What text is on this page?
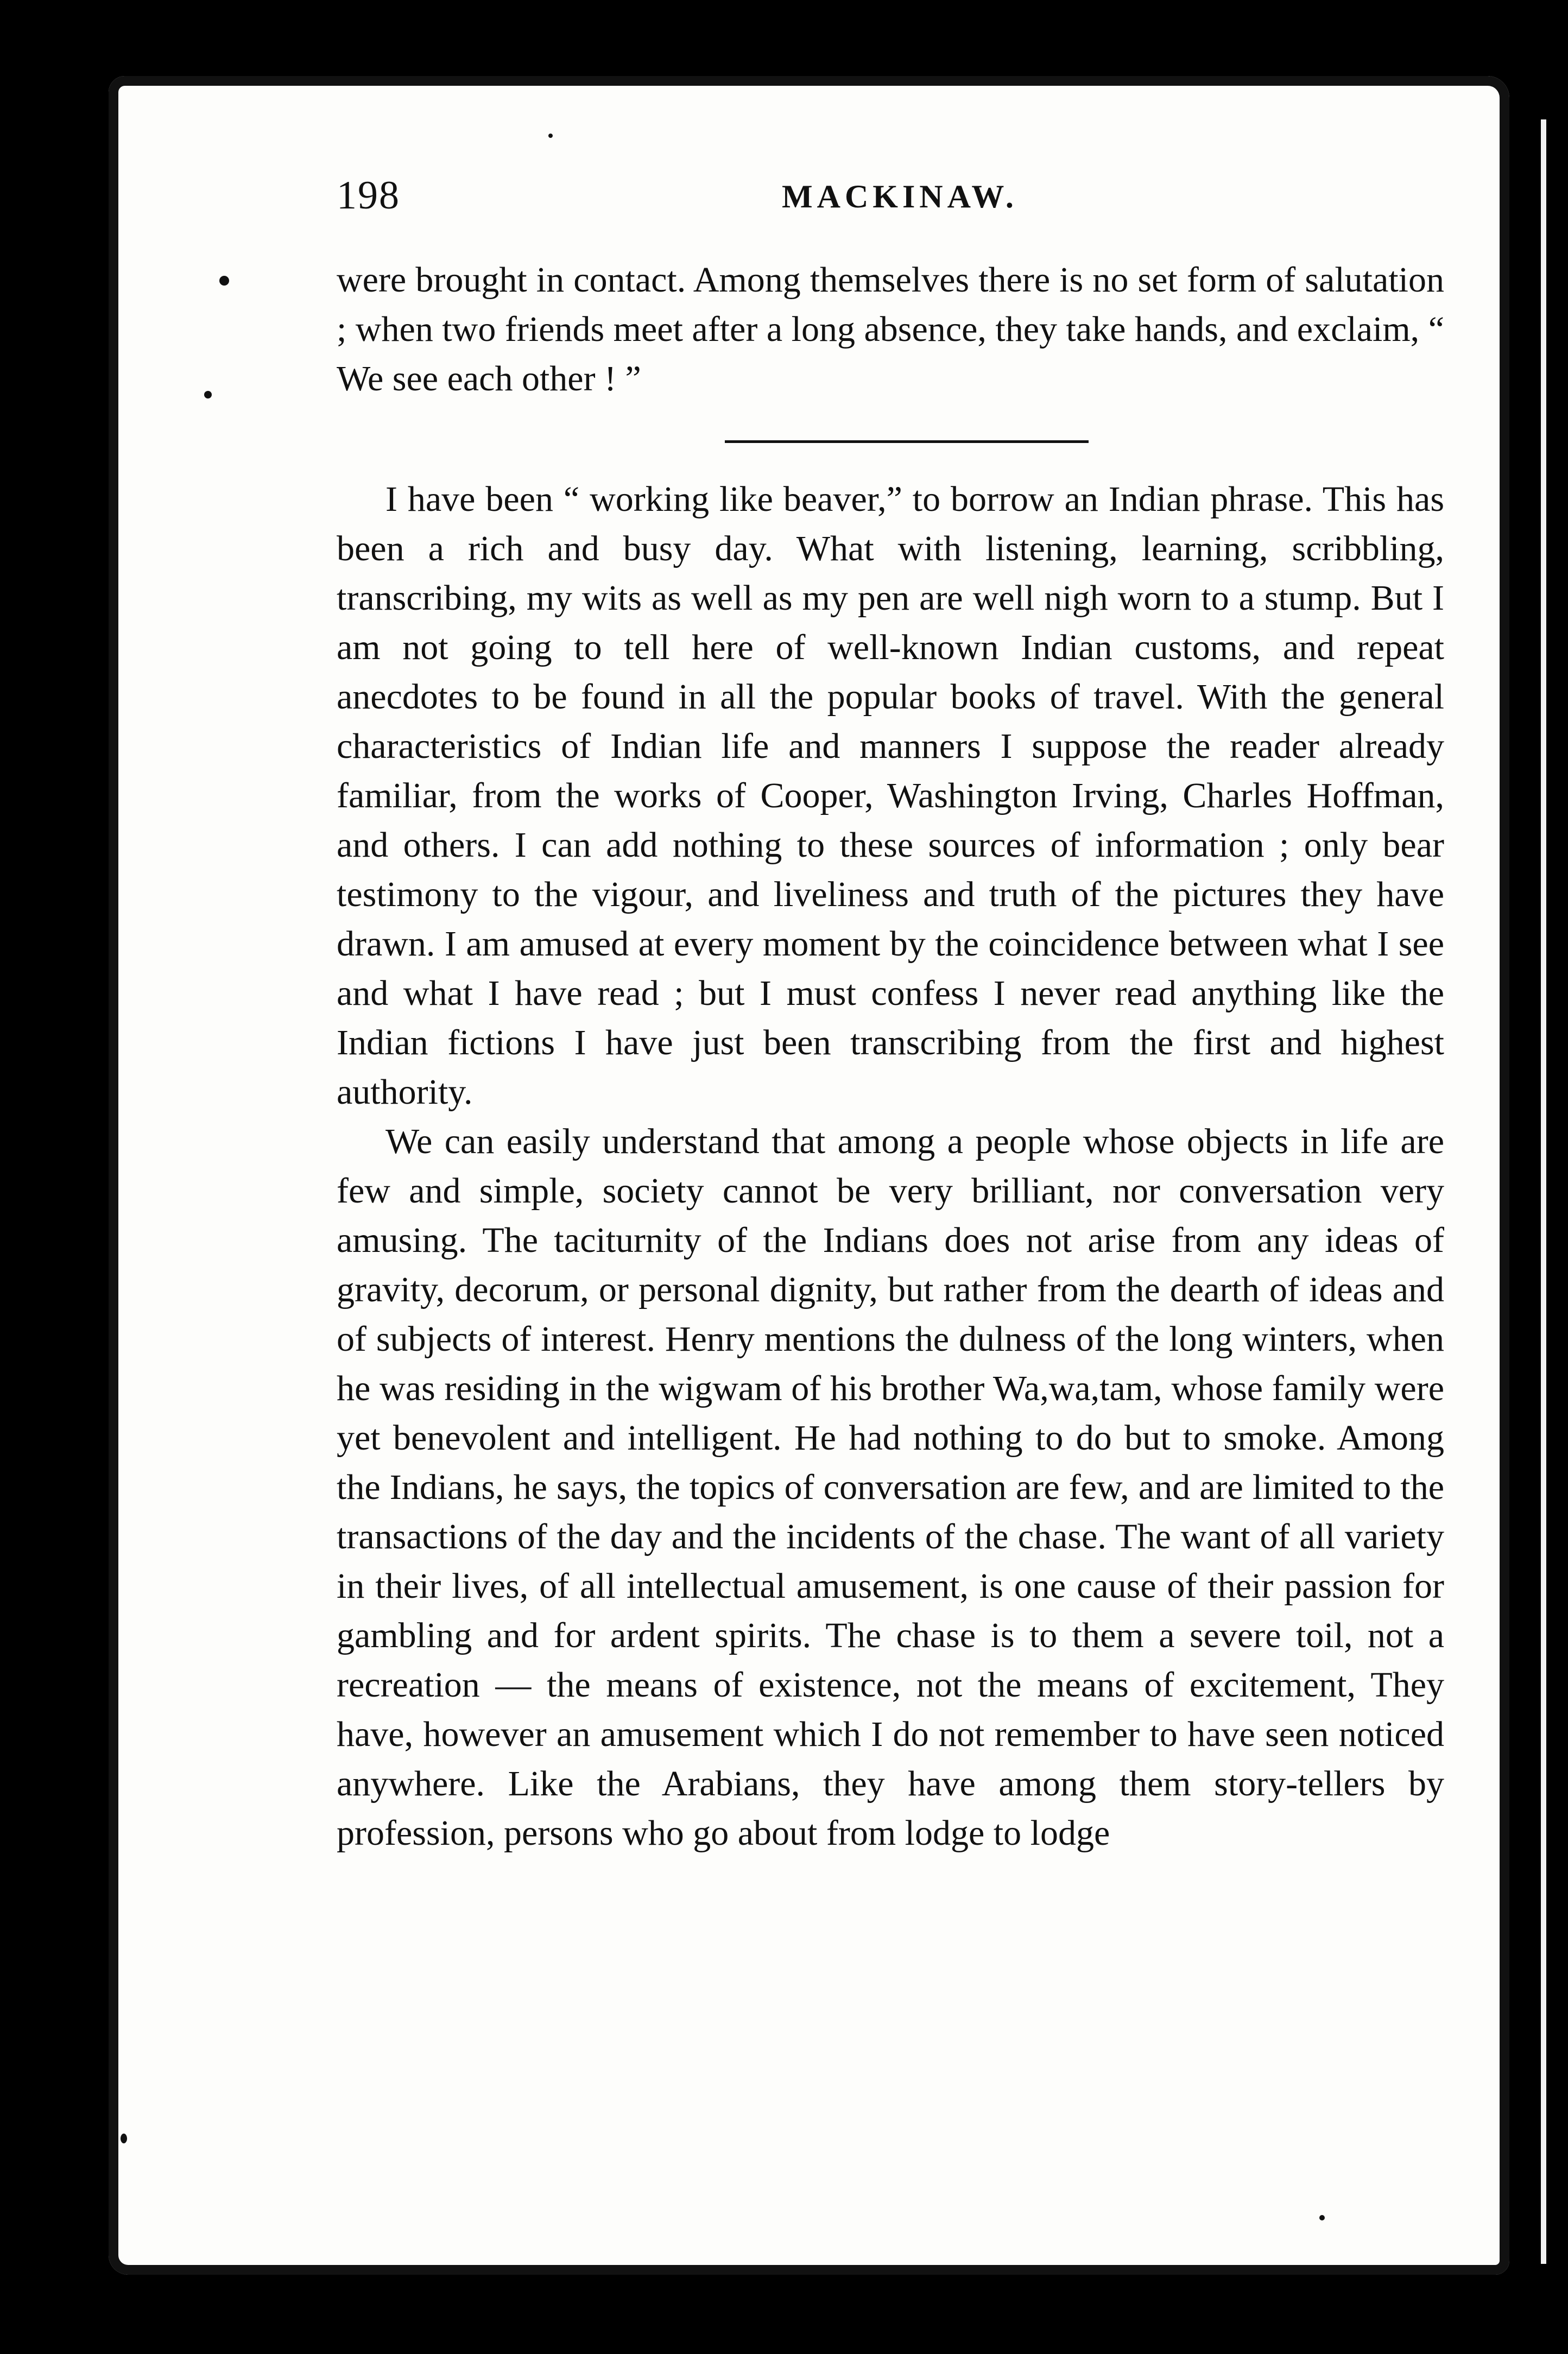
198	MACKINAW.

were brought in contact. Among themselves there is no set form of salutation ; when two friends meet after a long absence, they take hands, and exclaim, “ We see each other ! ”

I have been “ working like beaver,” to borrow an Indian phrase. This has been a rich and busy day. What with listening, learning, scribbling, transcribing, my wits as well as my pen are well nigh worn to a stump. But I am not going to tell here of well-known Indian customs, and repeat anecdotes to be found in all the popular books of travel. With the general characteristics of Indian life and manners I suppose the reader already familiar, from the works of Cooper, Washington Irving, Charles Hoffman, and others. I can add nothing to these sources of information ; only bear testimony to the vigour, and liveliness and truth of the pictures they have drawn. I am amused at every moment by the coincidence between what I see and what I have read ; but I must confess I never read anything like the Indian fictions I have just been transcribing from the first and highest authority.

We can easily understand that among a people whose objects in life are few and simple, society cannot be very brilliant, nor conversation very amusing. The taciturnity of the Indians does not arise from any ideas of gravity, decorum, or personal dignity, but rather from the dearth of ideas and of subjects of interest. Henry mentions the dulness of the long winters, when he was residing in the wigwam of his brother Wa,wa,tam, whose family were yet benevolent and intelligent. He had nothing to do but to smoke. Among the Indians, he says, the topics of conversation are few, and are limited to the transactions of the day and the incidents of the chase. The want of all variety in their lives, of all intellectual amusement, is one cause of their passion for gambling and for ardent spirits. The chase is to them a severe toil, not a recreation — the means of existence, not the means of excitement, They have, however an amusement which I do not remember to have seen noticed anywhere. Like the Arabians, they have among them story-tellers by profession, persons who go about from lodge to lodge
